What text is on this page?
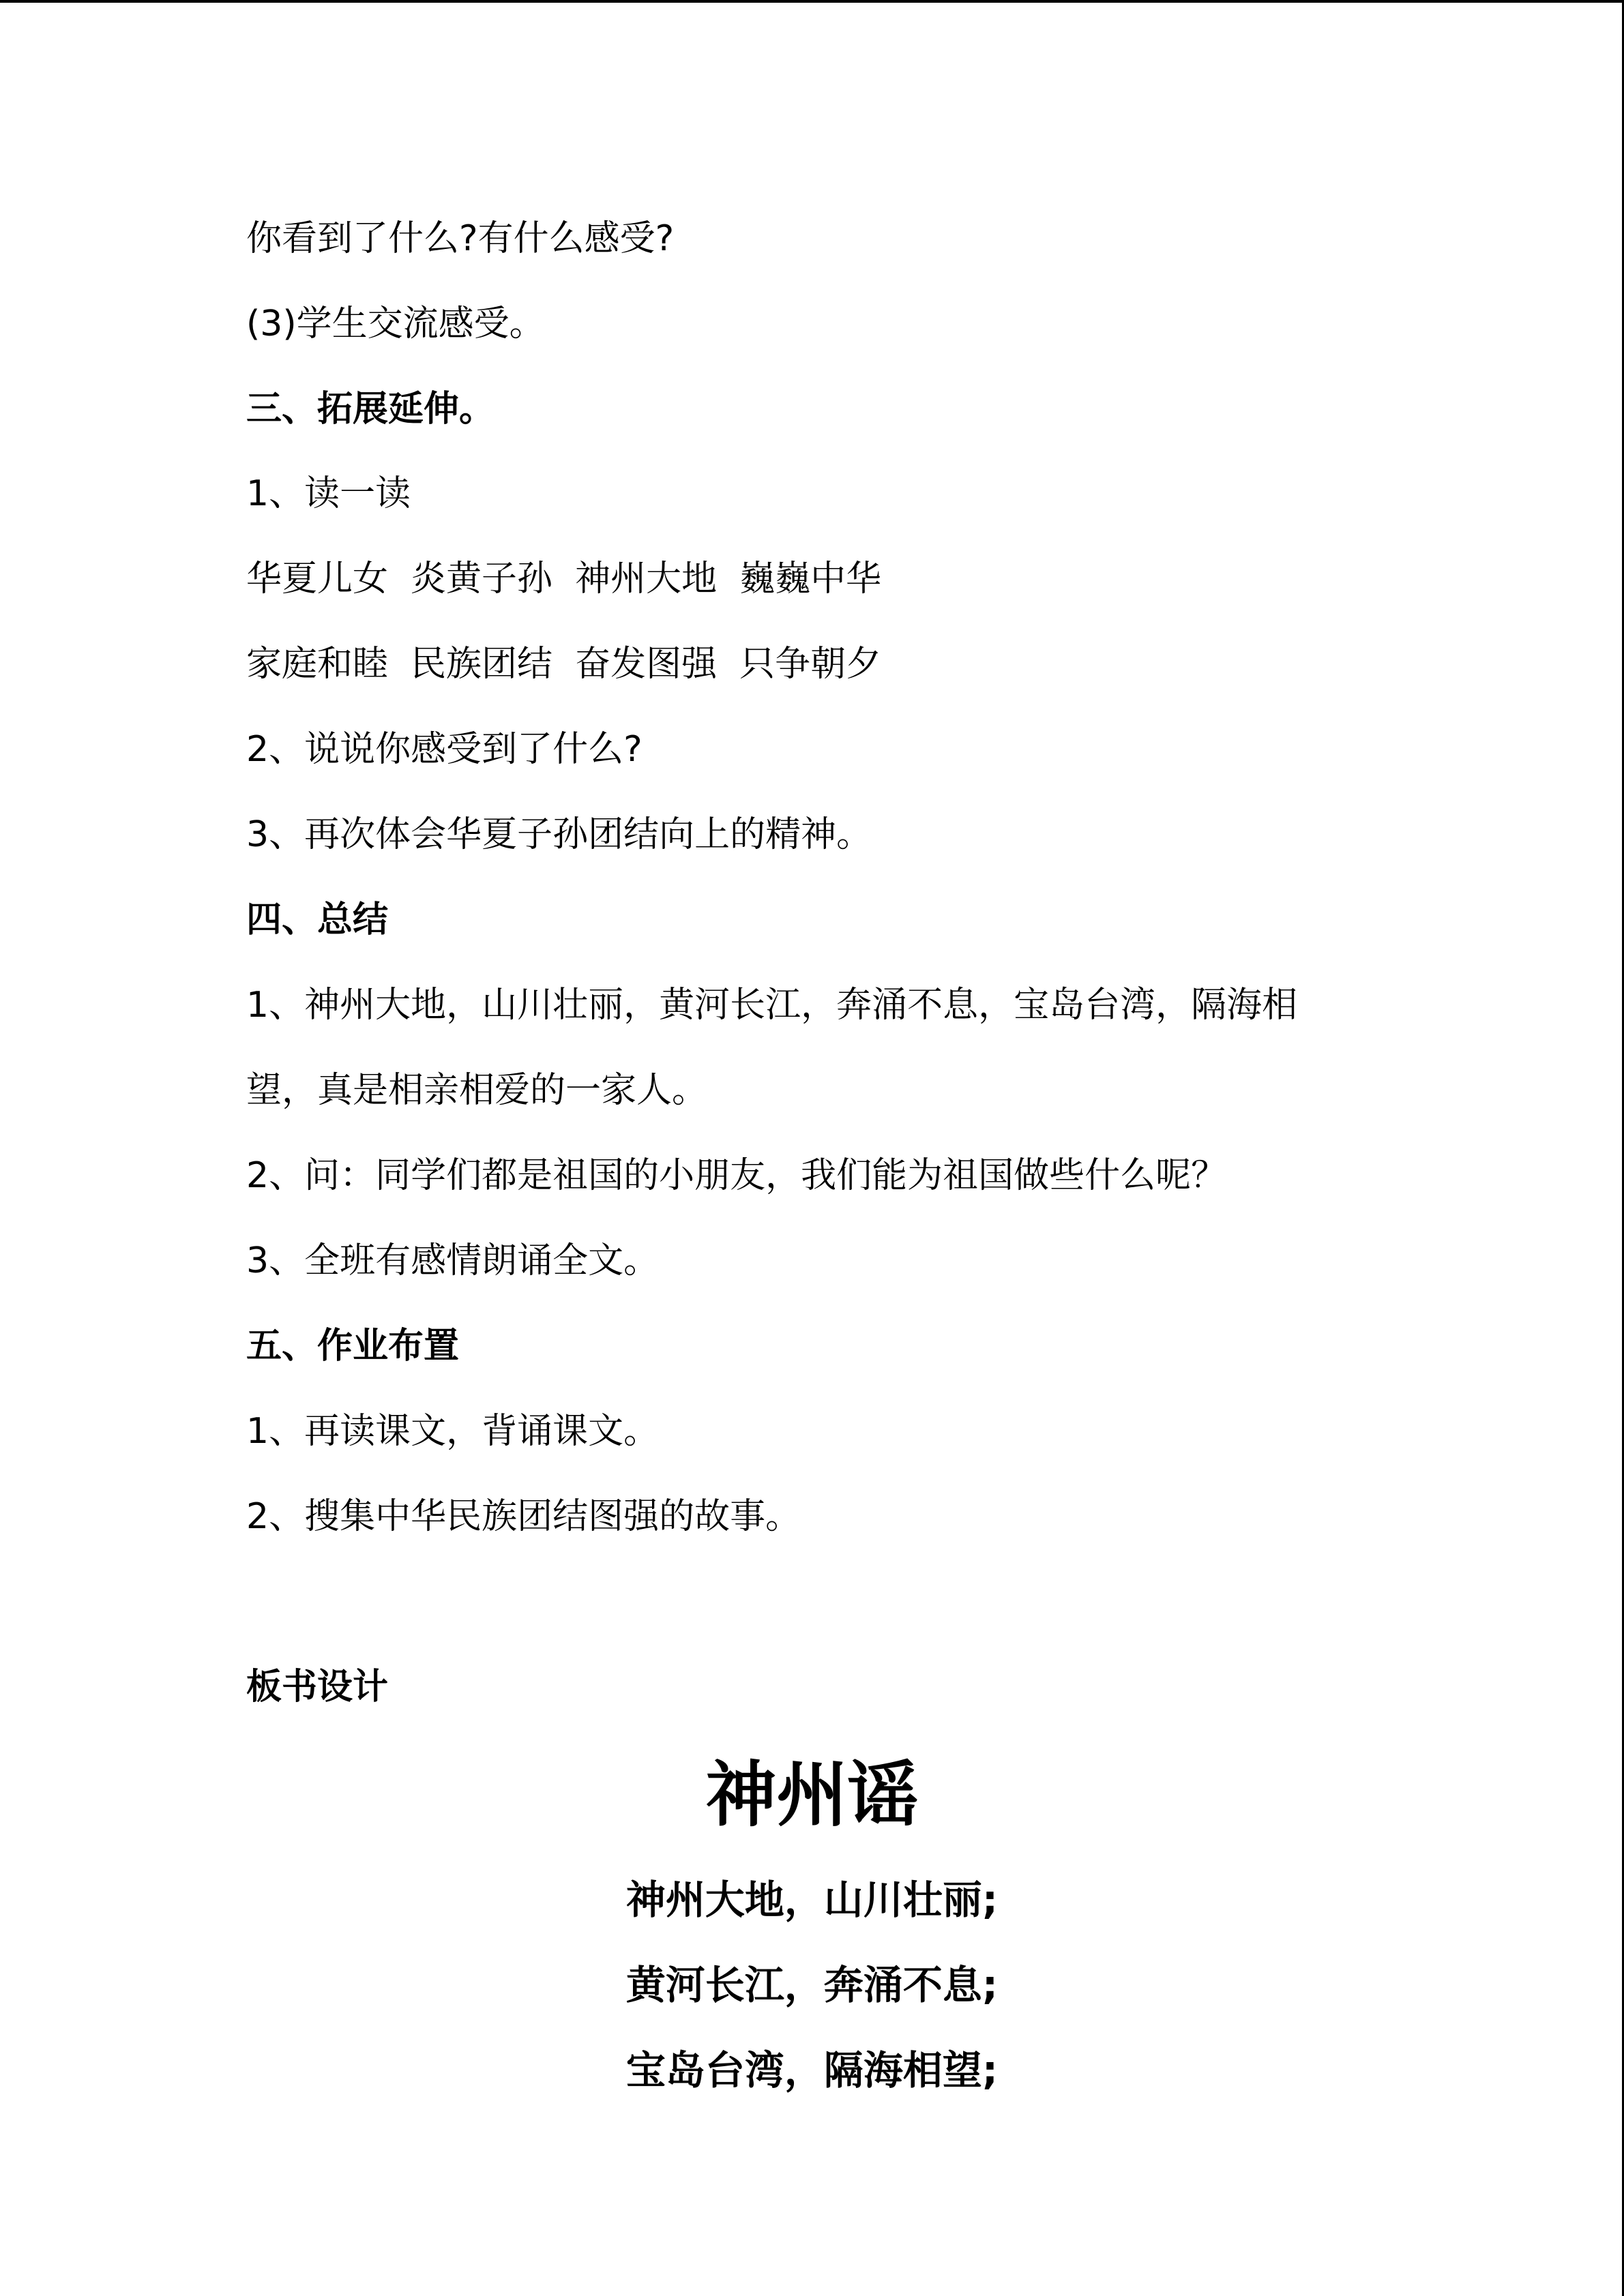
你看到了什么?有什么感受?
(3)学生交流感受。
三、拓展延伸。
1、读一读
华夏儿女  炎黄子孙  神州大地  巍巍中华
家庭和睦  民族团结  奋发图强  只争朝夕
2、说说你感受到了什么?
3、再次体会华夏子孙团结向上的精神。
四、总结
1、神州大地，山川壮丽，黄河长江，奔涌不息，宝岛台湾，隔海相
望，真是相亲相爱的一家人。
2、问：同学们都是祖国的小朋友，我们能为祖国做些什么呢？
3、全班有感情朗诵全文。
五、作业布置
1、再读课文，背诵课文。
2、搜集中华民族团结图强的故事。
板书设计
神州谣
神州大地，山川壮丽;
黄河长江，奔涌不息;
宝岛台湾，隔海相望;
